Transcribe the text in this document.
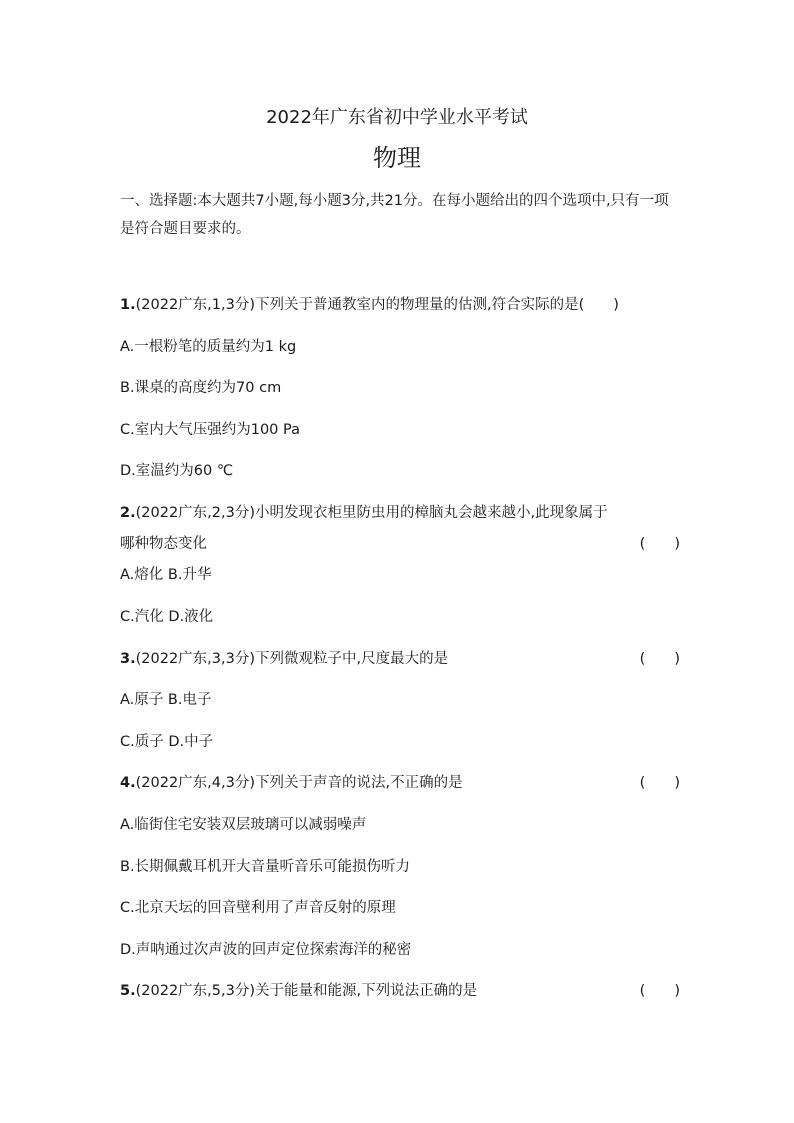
2022年广东省初中学业水平考试
物理
一、选择题:本大题共7小题,每小题3分,共21分。在每小题给出的四个选项中,只有一项是符合题目要求的。
1.(2022广东,1,3分)下列关于普通教室内的物理量的估测,符合实际的是(　　)
A.一根粉笔的质量约为1 kg
B.课桌的高度约为70 cm
C.室内大气压强约为100 Pa
D.室温约为60 ℃
2.(2022广东,2,3分)小明发现衣柜里防虫用的樟脑丸会越来越小,此现象属于
哪种物态变化	(　　)
A.熔化 B.升华
C.汽化 D.液化
3.(2022广东,3,3分)下列微观粒子中,尺度最大的是	(　　)
A.原子 B.电子
C.质子 D.中子
4.(2022广东,4,3分)下列关于声音的说法,不正确的是	(　　)
A.临街住宅安装双层玻璃可以减弱噪声
B.长期佩戴耳机开大音量听音乐可能损伤听力
C.北京天坛的回音壁利用了声音反射的原理
D.声呐通过次声波的回声定位探索海洋的秘密
5.(2022广东,5,3分)关于能量和能源,下列说法正确的是	(　　)
